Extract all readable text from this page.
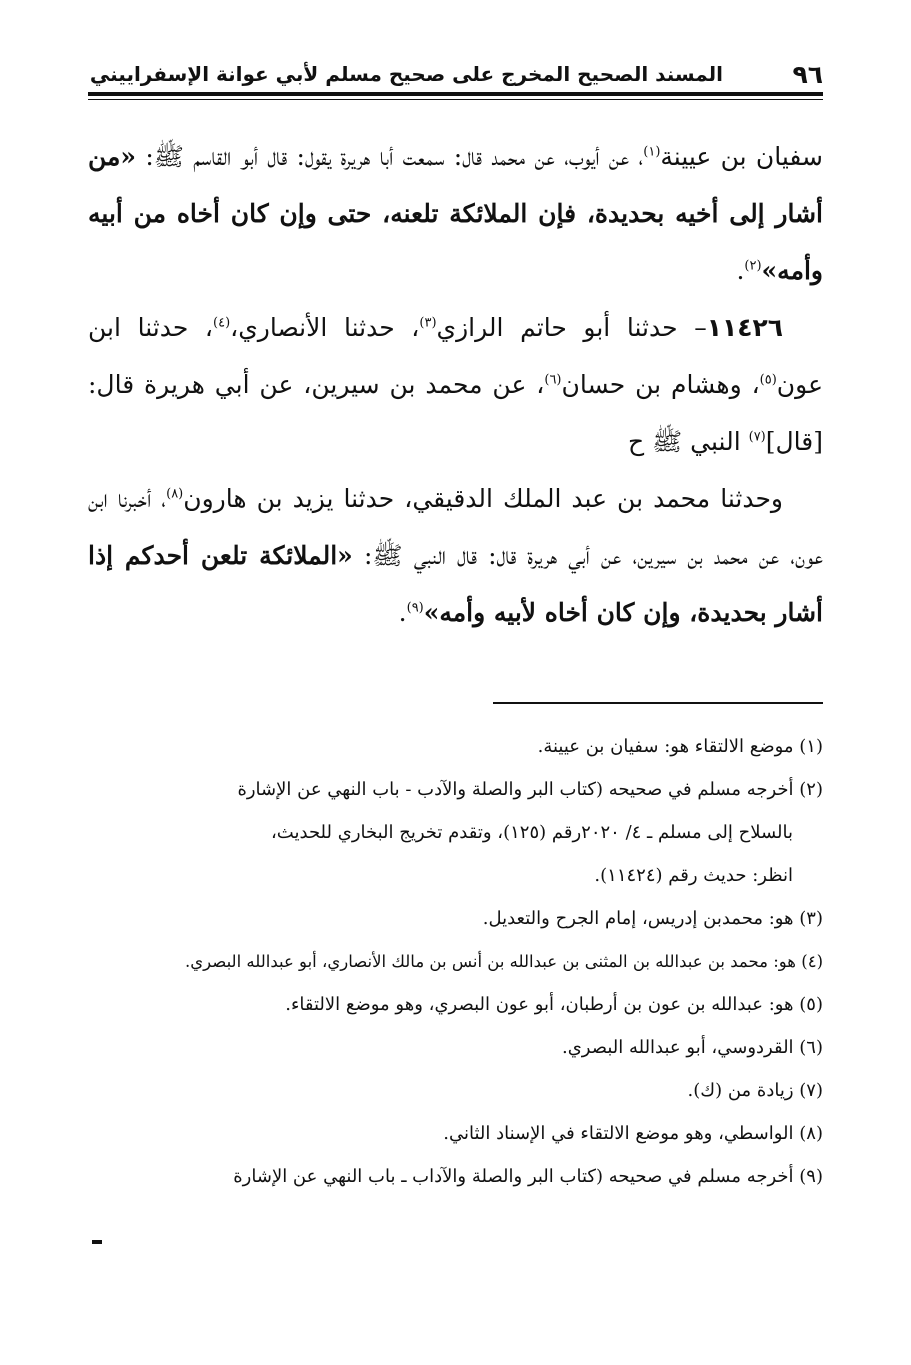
٩٦
المسند الصحيح المخرج على صحيح مسلم لأبي عوانة الإسفراييني

سفيان بن عيينة$^{(١)}$، عن أيوب، عن محمد قال: سمعت أبا هريرة يقول: قال أبو القاسم ﷺ: «من أشار إلى أخيه بحديدة، فإن الملائكة تلعنه، حتى وإن كان أخاه من أبيه وأمه»$^{(٢)}$.

١١٤٢٦– حدثنا أبو حاتم الرازي$^{(٣)}$، حدثنا الأنصاري،$^{(٤)}$، حدثنا ابن عون$^{(٥)}$، وهشام بن حسان$^{(٦)}$، عن محمد بن سيرين، عن أبي هريرة قال: [قال]$^{(٧)}$ النبي ﷺ ح

وحدثنا محمد بن عبد الملك الدقيقي، حدثنا يزيد بن هارون$^{(٨)}$، أخبرنا ابن عون، عن محمد بن سيرين، عن أبي هريرة قال: قال النبي ﷺ: «الملائكة تلعن أحدكم إذا أشار بحديدة، وإن كان أخاه لأبيه وأمه»$^{(٩)}$.

(١) موضع الالتقاء هو: سفيان بن عيينة.

(٢) أخرجه مسلم في صحيحه (كتاب البر والصلة والآدب - باب النهي عن الإشارة

بالسلاح إلى مسلم ـ ٤/ ٢٠٢٠رقم (١٢٥)، وتقدم تخريج البخاري للحديث،

انظر: حديث رقم (١١٤٢٤).

(٣) هو: محمدبن إدريس، إمام الجرح والتعديل.

(٤) هو: محمد بن عبدالله بن المثنى بن عبدالله بن أنس بن مالك الأنصاري، أبو عبدالله البصري.

(٥) هو: عبدالله بن عون بن أرطبان، أبو عون البصري، وهو موضع الالتقاء.

(٦) القردوسي، أبو عبدالله البصري.

(٧) زيادة من (ك).

(٨) الواسطي، وهو موضع الالتقاء في الإسناد الثاني.

(٩) أخرجه مسلم في صحيحه (كتاب البر والصلة والآداب ـ باب النهي عن الإشارة
